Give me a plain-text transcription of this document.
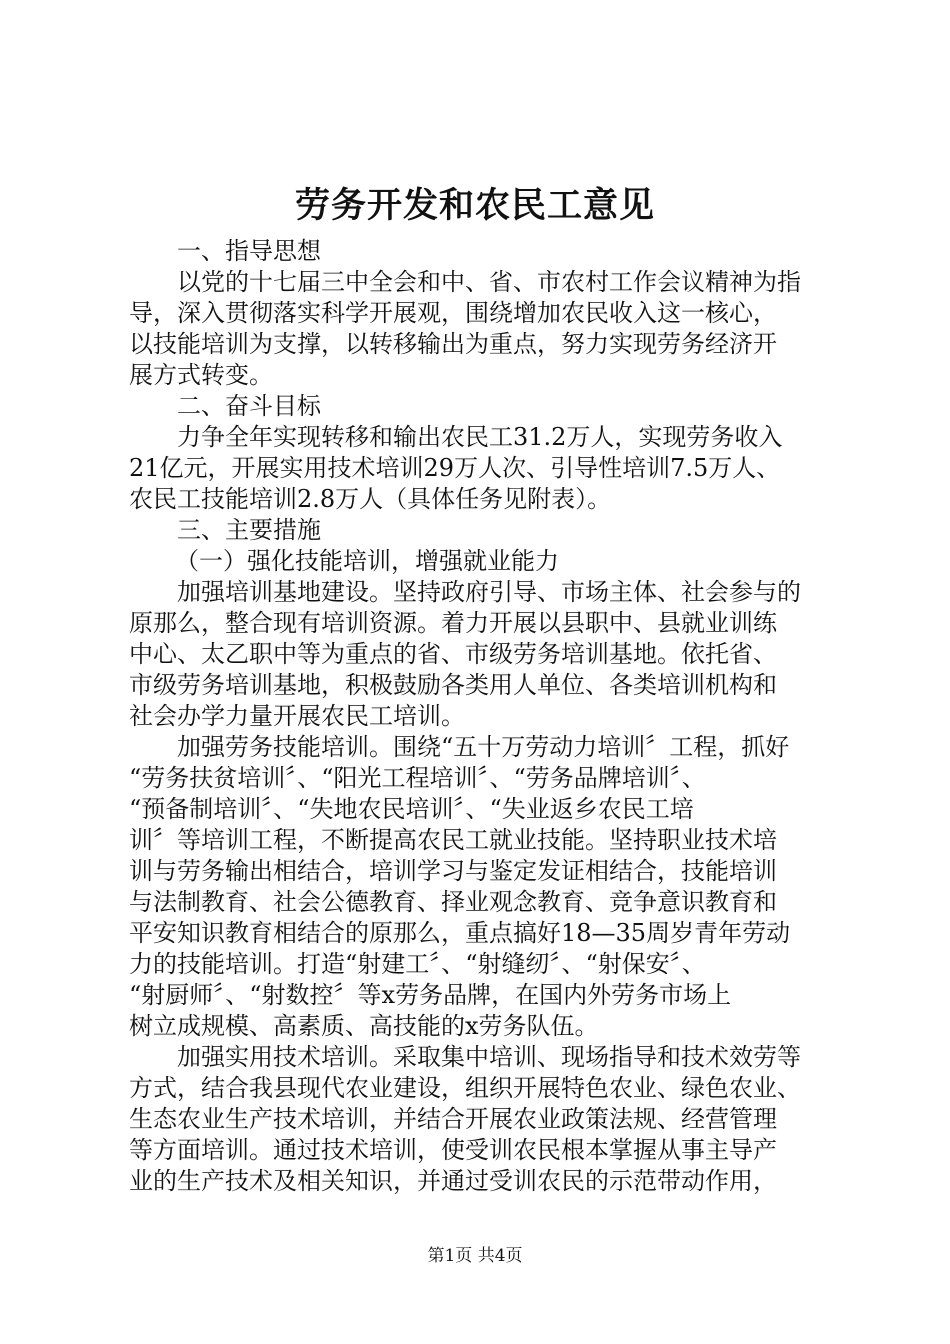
劳务开发和农民工意见
一、指导思想
以党的十七届三中全会和中、省、市农村工作会议精神为指
导，深入贯彻落实科学开展观，围绕增加农民收入这一核心，
以技能培训为支撑，以转移输出为重点，努力实现劳务经济开
展方式转变。
二、奋斗目标
力争全年实现转移和输出农民工31.2万人，实现劳务收入
21亿元，开展实用技术培训29万人次、引导性培训7.5万人、
农民工技能培训2.8万人（具体任务见附表）。
三、主要措施
（一）强化技能培训，增强就业能力
加强培训基地建设。坚持政府引导、市场主体、社会参与的
原那么，整合现有培训资源。着力开展以县职中、县就业训练
中心、太乙职中等为重点的省、市级劳务培训基地。依托省、
市级劳务培训基地，积极鼓励各类用人单位、各类培训机构和
社会办学力量开展农民工培训。
加强劳务技能培训。围绕“五十万劳动力培训〞工程，抓好
“劳务扶贫培训〞、“阳光工程培训〞、“劳务品牌培训〞、
“预备制培训〞、“失地农民培训〞、“失业返乡农民工培
训〞等培训工程，不断提高农民工就业技能。坚持职业技术培
训与劳务输出相结合，培训学习与鉴定发证相结合，技能培训
与法制教育、社会公德教育、择业观念教育、竞争意识教育和
平安知识教育相结合的原那么，重点搞好18—35周岁青年劳动
力的技能培训。打造“射建工〞、“射缝纫〞、“射保安〞、
“射厨师〞、“射数控〞等x劳务品牌，在国内外劳务市场上
树立成规模、高素质、高技能的x劳务队伍。
加强实用技术培训。采取集中培训、现场指导和技术效劳等
方式，结合我县现代农业建设，组织开展特色农业、绿色农业、
生态农业生产技术培训，并结合开展农业政策法规、经营管理
等方面培训。通过技术培训，使受训农民根本掌握从事主导产
业的生产技术及相关知识，并通过受训农民的示范带动作用，
第1页 共4页
